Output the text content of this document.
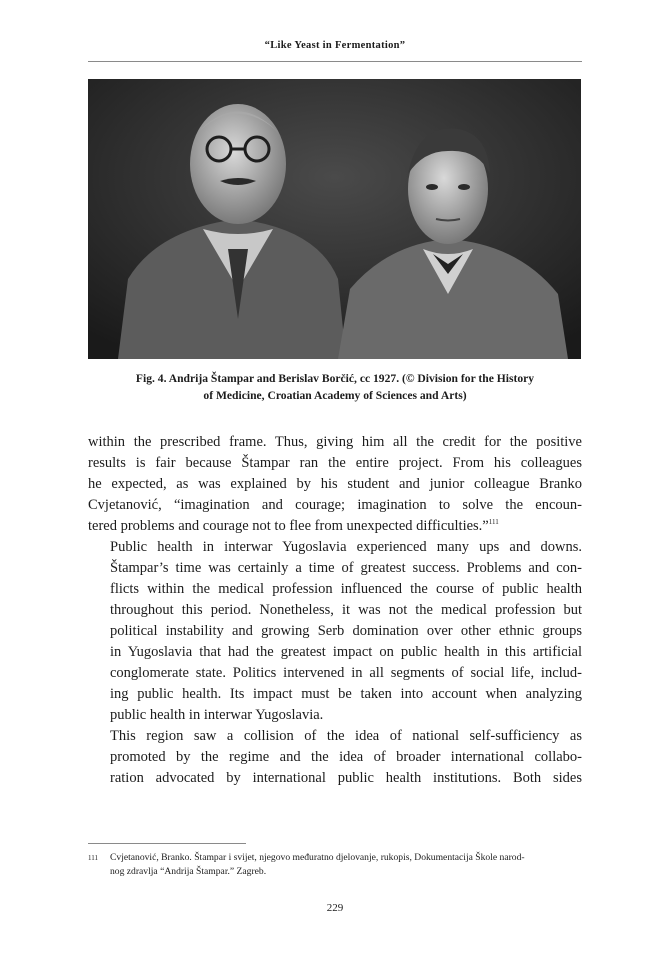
“Like Yeast in Fermentation”
Fig. 4. Andrija Štampar and Berislav Borčić, cc 1927. (© Division for the History
of Medicine, Croatian Academy of Sciences and Arts)

within the prescribed frame. Thus, giving him all the credit for the positive
results is fair because Štampar ran the entire project. From his colleagues
he expected, as was explained by his student and junior colleague Branko
Cvjetanović, “imagination and courage; imagination to solve the encoun-
tered problems and courage not to flee from unexpected difficulties.”$^{111}$

Public health in interwar Yugoslavia experienced many ups and downs.
Štampar’s time was certainly a time of greatest success. Problems and con-
flicts within the medical profession influenced the course of public health
throughout this period. Nonetheless, it was not the medical profession but
political instability and growing Serb domination over other ethnic groups
in Yugoslavia that had the greatest impact on public health in this artificial
conglomerate state. Politics intervened in all segments of social life, includ-
ing public health. Its impact must be taken into account when analyzing
public health in interwar Yugoslavia.

This region saw a collision of the idea of national self-sufficiency as
promoted by the regime and the idea of broader international collabo-
ration advocated by international public health institutions. Both sides

111	Cvjetanović, Branko. Štampar i svijet, njegovo međuratno djelovanje, rukopis, Dokumentacija Škole narod-
nog zdravlja “Andrija Štampar.” Zagreb.
229
